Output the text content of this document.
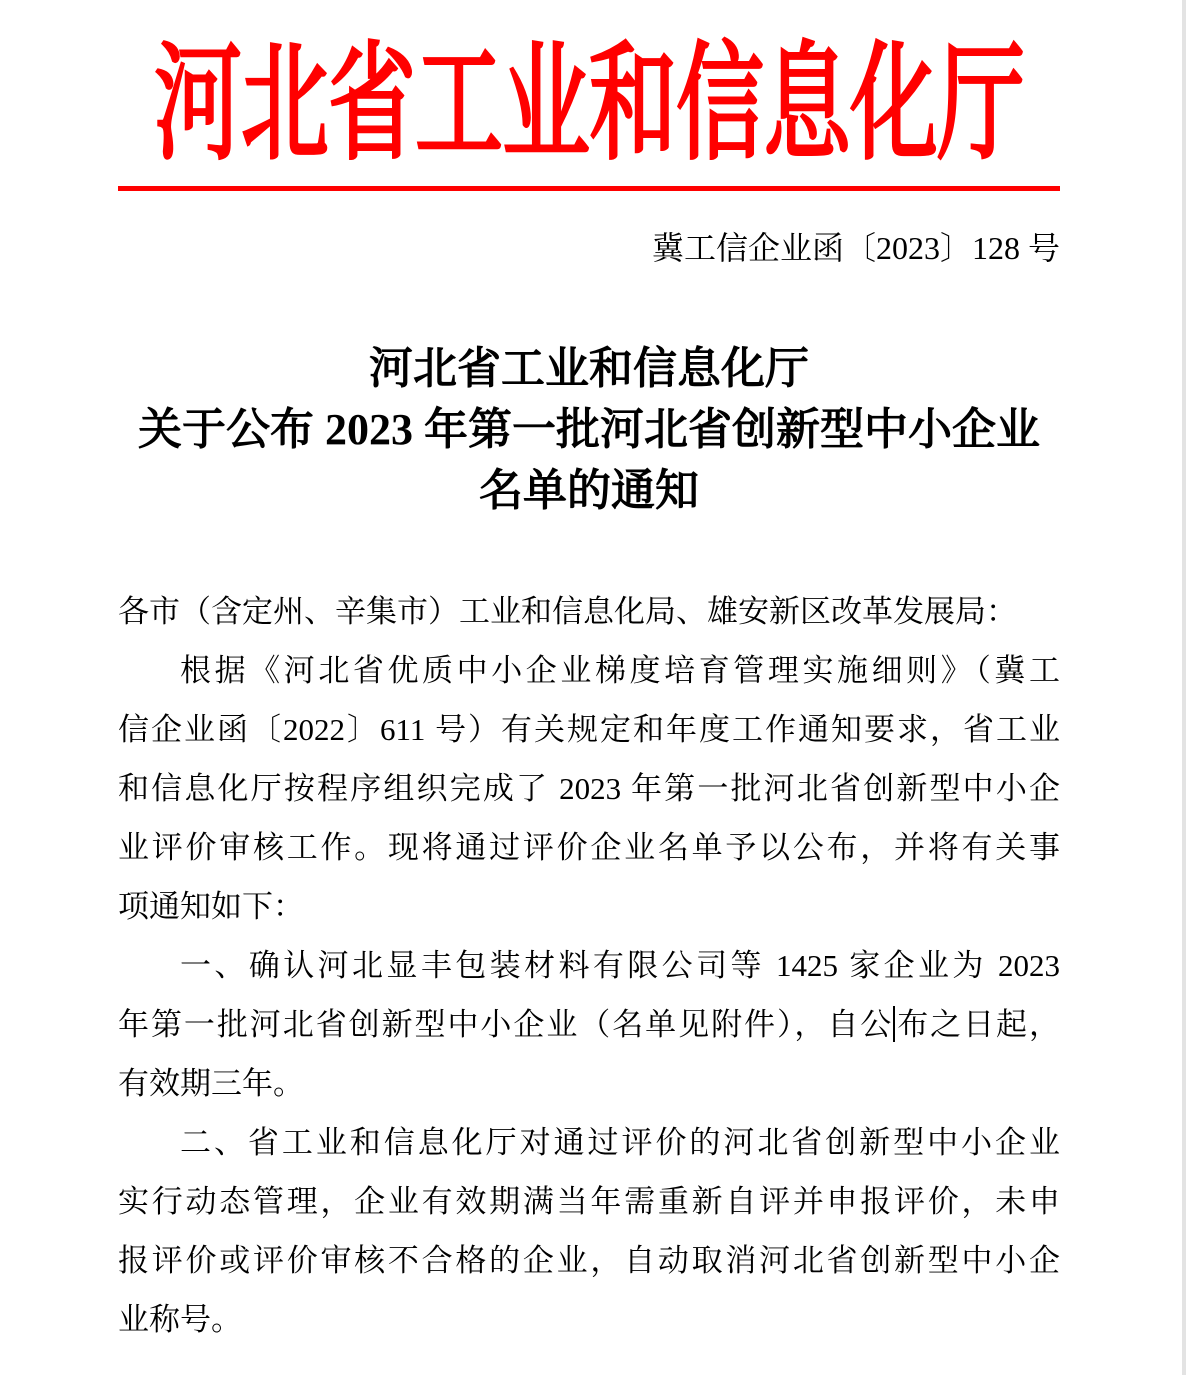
河北省工业和信息化厅
冀工信企业函〔2023〕128 号
河北省工业和信息化厅
关于公布 2023 年第一批河北省创新型中小企业
名单的通知
各市（含定州、辛集市）工业和信息化局、雄安新区改革发展局：
根据《河北省优质中小企业梯度培育管理实施细则》（冀工
信企业函〔2022〕611 号）有关规定和年度工作通知要求，省工业
和信息化厅按程序组织完成了 2023 年第一批河北省创新型中小企
业评价审核工作。现将通过评价企业名单予以公布，并将有关事
项通知如下：
一、确认河北显丰包装材料有限公司等 1425 家企业为 2023
年第一批河北省创新型中小企业（名单见附件），自公布之日起，
有效期三年。
二、省工业和信息化厅对通过评价的河北省创新型中小企业
实行动态管理，企业有效期满当年需重新自评并申报评价，未申
报评价或评价审核不合格的企业，自动取消河北省创新型中小企
业称号。
